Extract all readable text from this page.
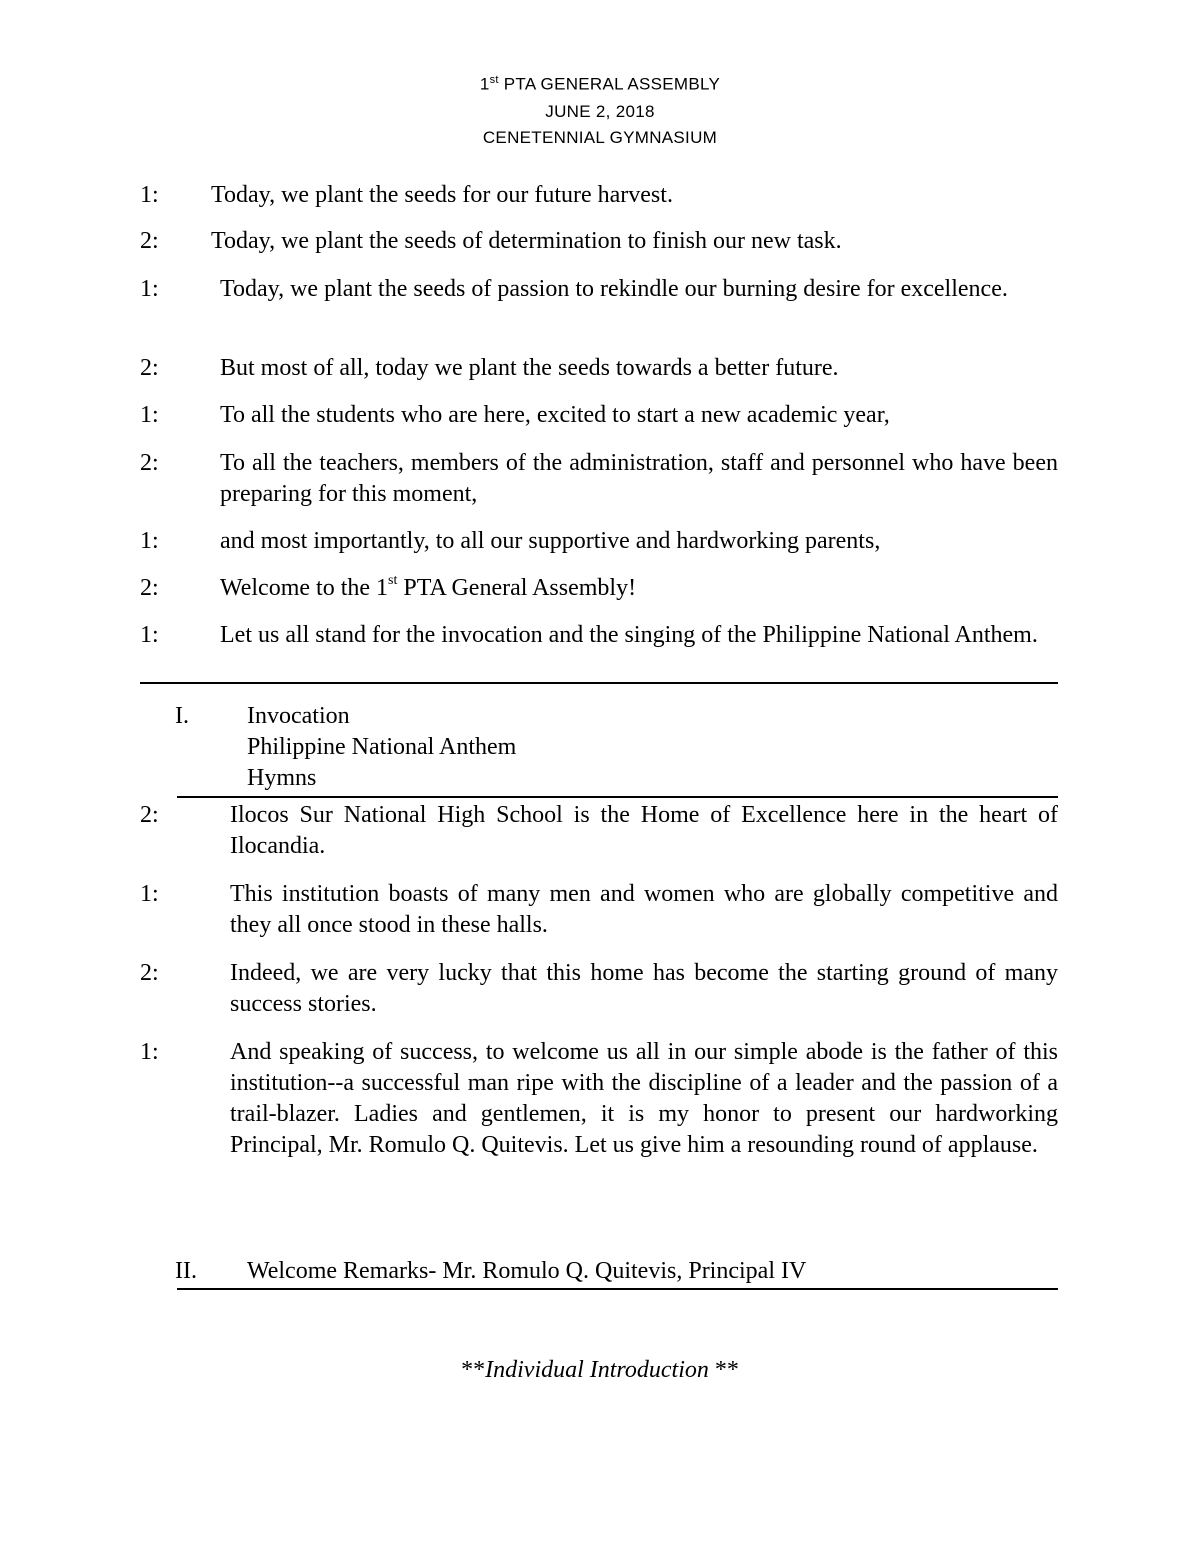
1st PTA GENERAL ASSEMBLY
JUNE 2, 2018
CENETENNIAL GYMNASIUM
1: Today, we plant the seeds for our future harvest.
2: Today, we plant the seeds of determination to finish our new task.
1:	Today, we plant the seeds of passion to rekindle our burning desire for excellence.
2:	But most of all, today we plant the seeds towards a better future.
1:	To all the students who are here, excited to start a new academic year,
2:	To all the teachers, members of the administration, staff and personnel who have been preparing for this moment,
1:	and most importantly, to all our supportive and hardworking parents,
2:	Welcome to the 1st PTA General Assembly!
1:	Let us all stand for the invocation and the singing of the Philippine National Anthem.
I. Invocation
Philippine National Anthem
Hymns
2:	Ilocos Sur National High School is the Home of Excellence here in the heart of Ilocandia.
1:	This institution boasts of many men and women who are globally competitive and they all once stood in these halls.
2:	Indeed, we are very lucky that this home has become the starting ground of many success stories.
1:	And speaking of success, to welcome us all in our simple abode is the father of this institution--a successful man ripe with the discipline of a leader and the passion of a trail-blazer. Ladies and gentlemen, it is my honor to present our hardworking Principal, Mr. Romulo Q. Quitevis. Let us give him a resounding round of applause.
II. Welcome Remarks- Mr. Romulo Q. Quitevis, Principal IV
**Individual Introduction **
